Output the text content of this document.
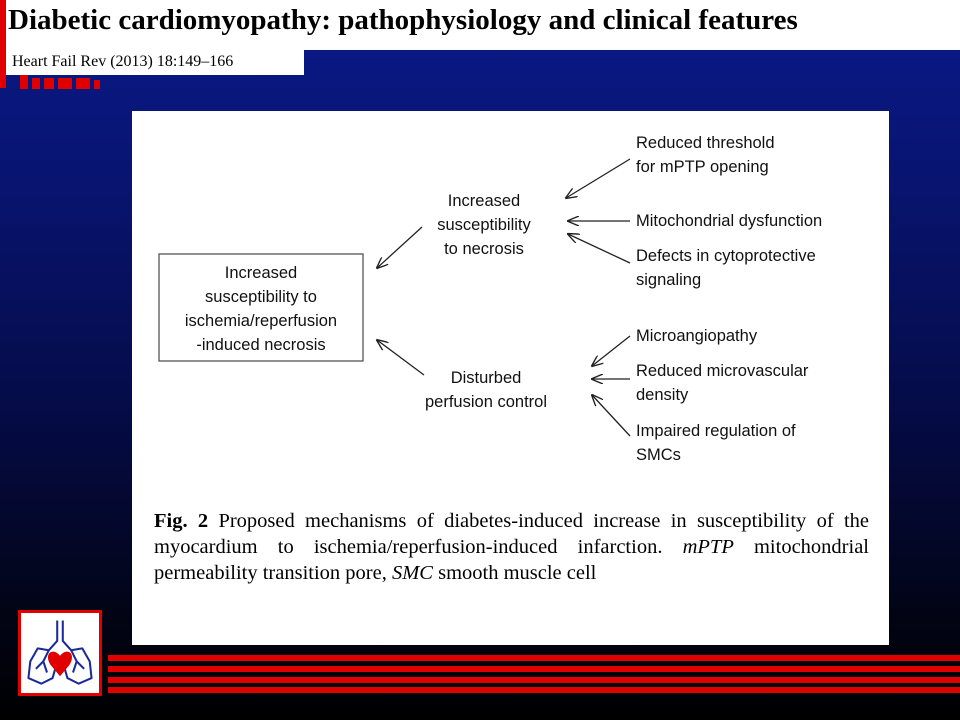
Diabetic cardiomyopathy: pathophysiology and clinical features
Heart Fail Rev (2013) 18:149–166
Increased
susceptibility to
ischemia/reperfusion
-induced necrosis
Increased
susceptibility
to necrosis
Disturbed
perfusion control
Reduced threshold
for mPTP opening
Mitochondrial dysfunction
Defects in cytoprotective
signaling
Microangiopathy
Reduced microvascular
density
Impaired regulation of
SMCs

Fig. 2 Proposed mechanisms of diabetes-induced increase in susceptibility of the myocardium to ischemia/reperfusion-induced infarction. mPTP mitochondrial permeability transition pore, SMC smooth muscle cell
